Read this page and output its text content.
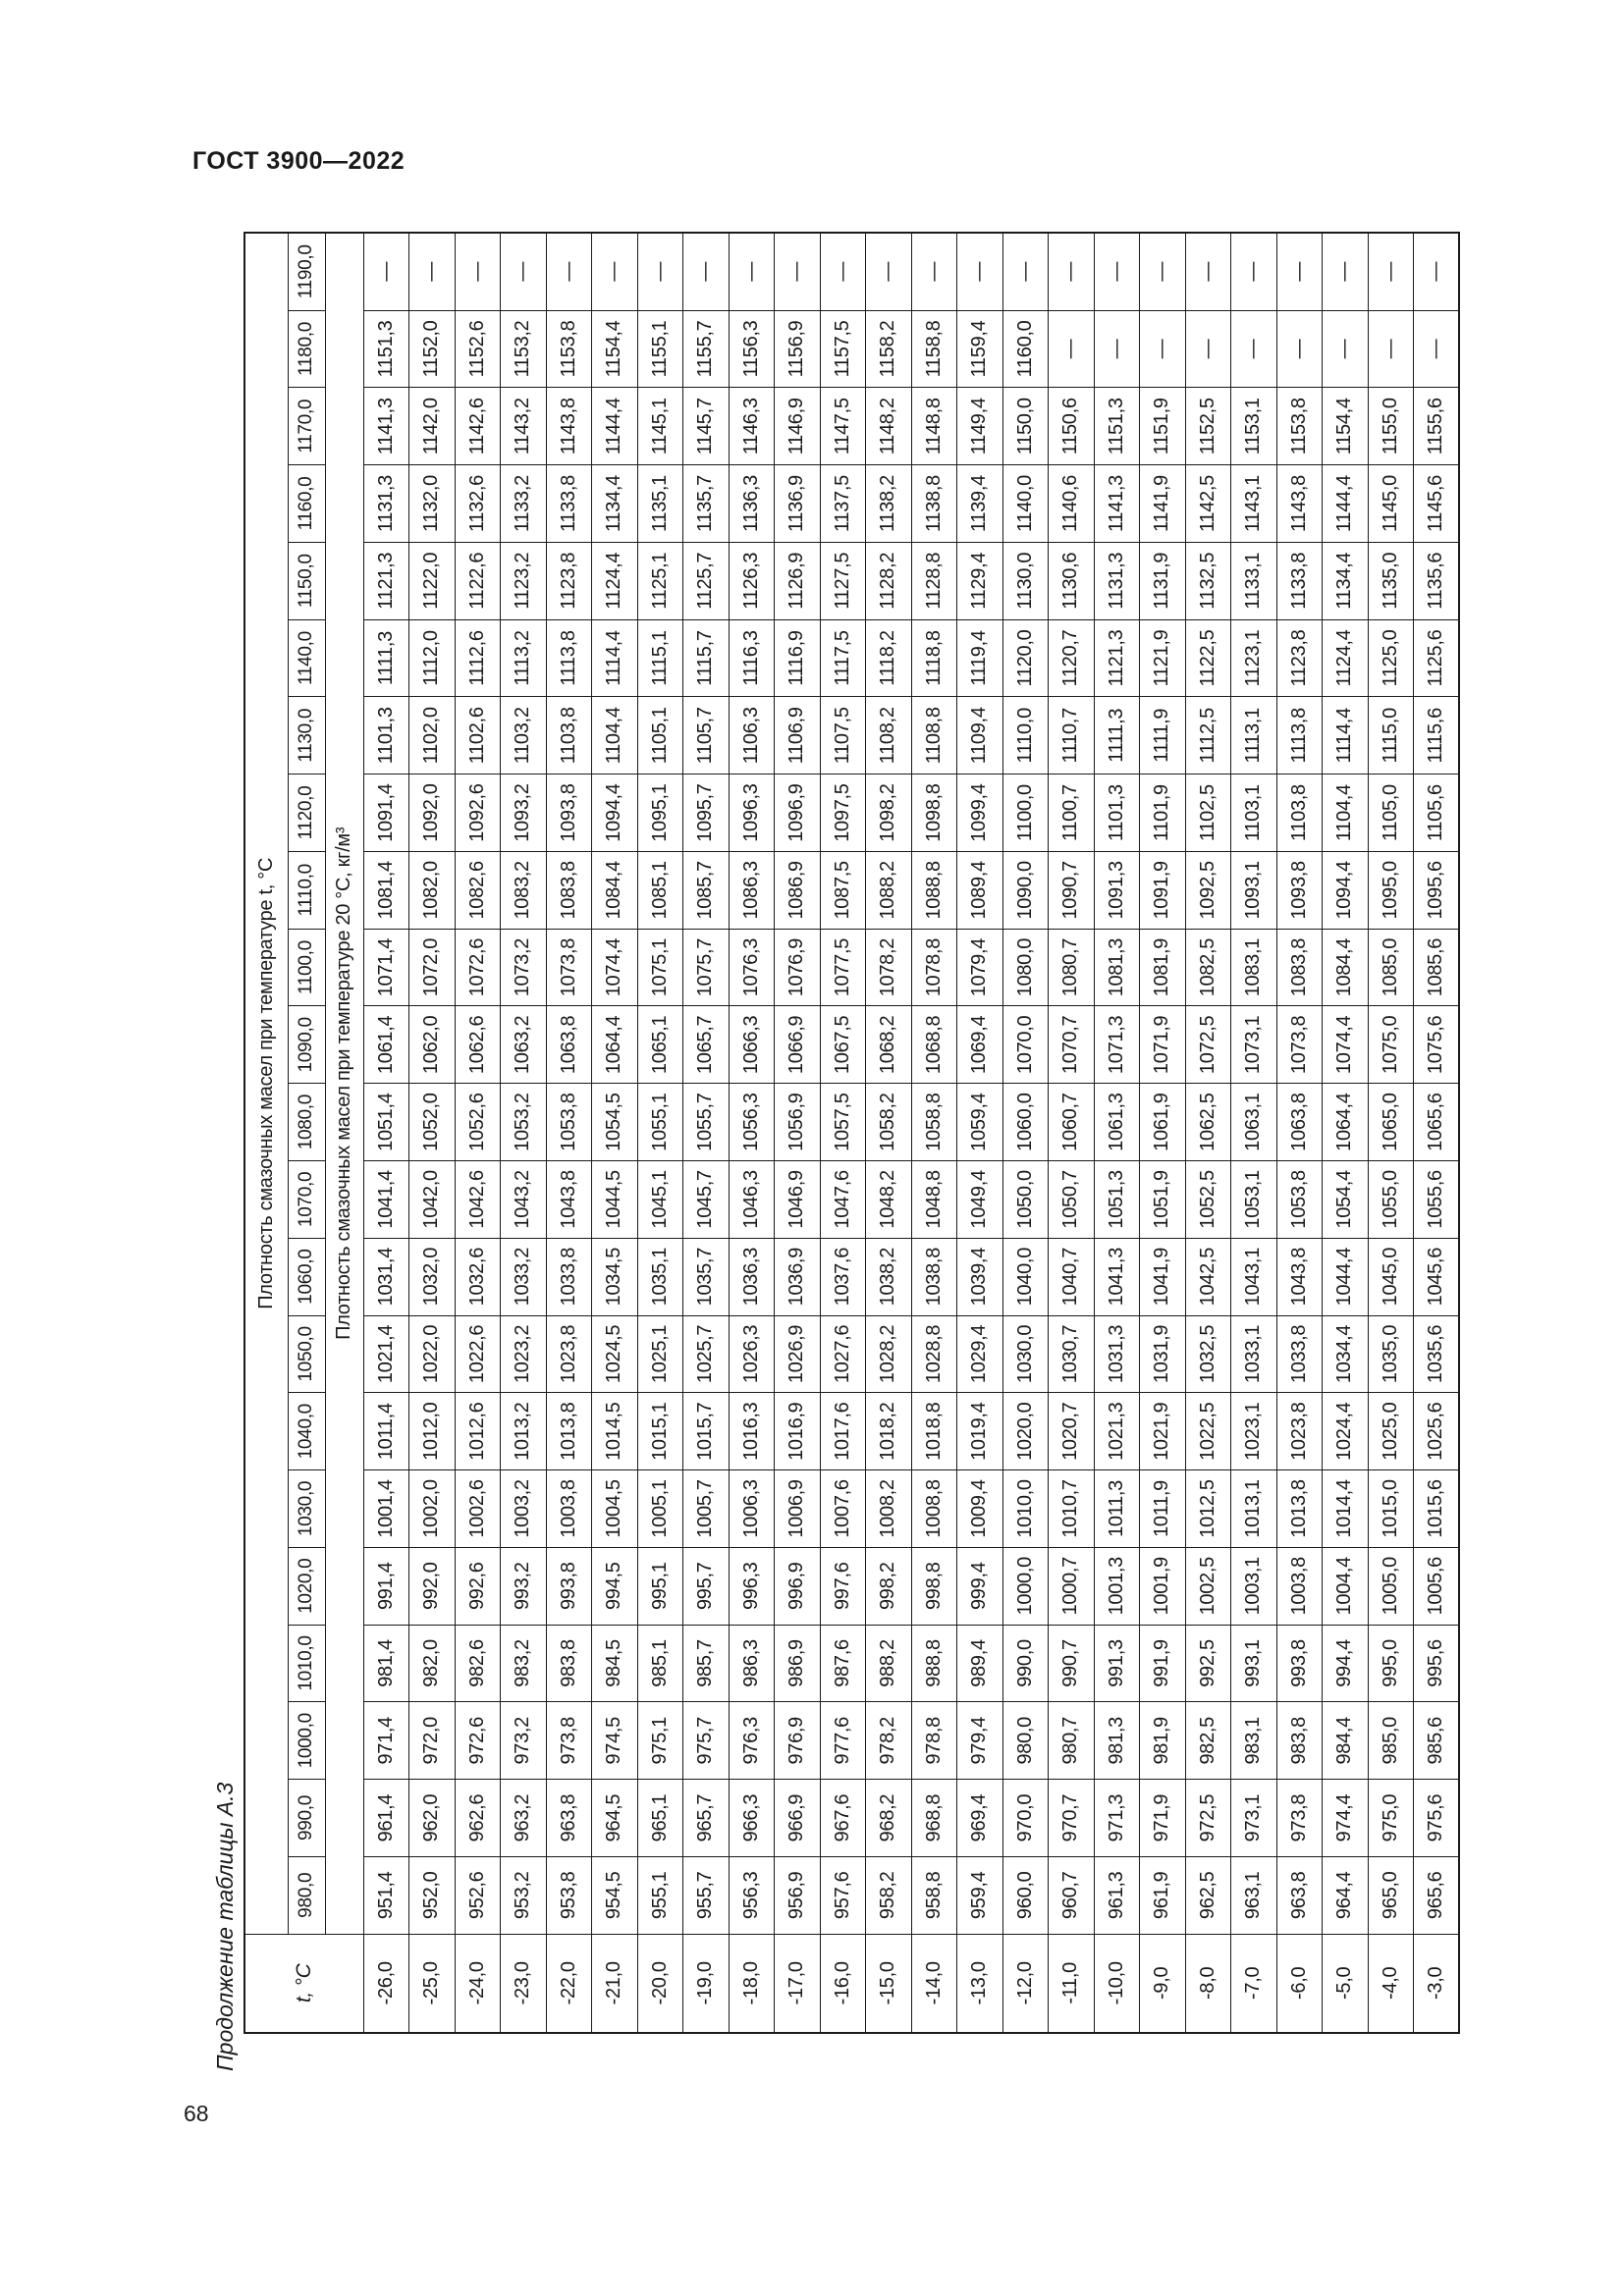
ГОСТ 3900—2022
Продолжение таблицы А.3
68
t, °C	Плотность смазочных масел при температуре t, °C																					
	980,0	990,0	1000,0	1010,0	1020,0	1030,0	1040,0	1050,0	1060,0	1070,0	1080,0	1090,0	1100,0	1110,0	1120,0	1130,0	1140,0	1150,0	1160,0	1170,0	1180,0	1190,0
	Плотность смазочных масел при температуре 20 °C, кг/м³																					
-26,0	951,4	961,4	971,4	981,4	991,4	1001,4	1011,4	1021,4	1031,4	1041,4	1051,4	1061,4	1071,4	1081,4	1091,4	1101,3	1111,3	1121,3	1131,3	1141,3	1151,3	—
-25,0	952,0	962,0	972,0	982,0	992,0	1002,0	1012,0	1022,0	1032,0	1042,0	1052,0	1062,0	1072,0	1082,0	1092,0	1102,0	1112,0	1122,0	1132,0	1142,0	1152,0	—
-24,0	952,6	962,6	972,6	982,6	992,6	1002,6	1012,6	1022,6	1032,6	1042,6	1052,6	1062,6	1072,6	1082,6	1092,6	1102,6	1112,6	1122,6	1132,6	1142,6	1152,6	—
-23,0	953,2	963,2	973,2	983,2	993,2	1003,2	1013,2	1023,2	1033,2	1043,2	1053,2	1063,2	1073,2	1083,2	1093,2	1103,2	1113,2	1123,2	1133,2	1143,2	1153,2	—
-22,0	953,8	963,8	973,8	983,8	993,8	1003,8	1013,8	1023,8	1033,8	1043,8	1053,8	1063,8	1073,8	1083,8	1093,8	1103,8	1113,8	1123,8	1133,8	1143,8	1153,8	—
-21,0	954,5	964,5	974,5	984,5	994,5	1004,5	1014,5	1024,5	1034,5	1044,5	1054,5	1064,4	1074,4	1084,4	1094,4	1104,4	1114,4	1124,4	1134,4	1144,4	1154,4	—
-20,0	955,1	965,1	975,1	985,1	995,1	1005,1	1015,1	1025,1	1035,1	1045,1	1055,1	1065,1	1075,1	1085,1	1095,1	1105,1	1115,1	1125,1	1135,1	1145,1	1155,1	—
-19,0	955,7	965,7	975,7	985,7	995,7	1005,7	1015,7	1025,7	1035,7	1045,7	1055,7	1065,7	1075,7	1085,7	1095,7	1105,7	1115,7	1125,7	1135,7	1145,7	1155,7	—
-18,0	956,3	966,3	976,3	986,3	996,3	1006,3	1016,3	1026,3	1036,3	1046,3	1056,3	1066,3	1076,3	1086,3	1096,3	1106,3	1116,3	1126,3	1136,3	1146,3	1156,3	—
-17,0	956,9	966,9	976,9	986,9	996,9	1006,9	1016,9	1026,9	1036,9	1046,9	1056,9	1066,9	1076,9	1086,9	1096,9	1106,9	1116,9	1126,9	1136,9	1146,9	1156,9	—
-16,0	957,6	967,6	977,6	987,6	997,6	1007,6	1017,6	1027,6	1037,6	1047,6	1057,5	1067,5	1077,5	1087,5	1097,5	1107,5	1117,5	1127,5	1137,5	1147,5	1157,5	—
-15,0	958,2	968,2	978,2	988,2	998,2	1008,2	1018,2	1028,2	1038,2	1048,2	1058,2	1068,2	1078,2	1088,2	1098,2	1108,2	1118,2	1128,2	1138,2	1148,2	1158,2	—
-14,0	958,8	968,8	978,8	988,8	998,8	1008,8	1018,8	1028,8	1038,8	1048,8	1058,8	1068,8	1078,8	1088,8	1098,8	1108,8	1118,8	1128,8	1138,8	1148,8	1158,8	—
-13,0	959,4	969,4	979,4	989,4	999,4	1009,4	1019,4	1029,4	1039,4	1049,4	1059,4	1069,4	1079,4	1089,4	1099,4	1109,4	1119,4	1129,4	1139,4	1149,4	1159,4	—
-12,0	960,0	970,0	980,0	990,0	1000,0	1010,0	1020,0	1030,0	1040,0	1050,0	1060,0	1070,0	1080,0	1090,0	1100,0	1110,0	1120,0	1130,0	1140,0	1150,0	1160,0	—
-11,0	960,7	970,7	980,7	990,7	1000,7	1010,7	1020,7	1030,7	1040,7	1050,7	1060,7	1070,7	1080,7	1090,7	1100,7	1110,7	1120,7	1130,6	1140,6	1150,6	—	—
-10,0	961,3	971,3	981,3	991,3	1001,3	1011,3	1021,3	1031,3	1041,3	1051,3	1061,3	1071,3	1081,3	1091,3	1101,3	1111,3	1121,3	1131,3	1141,3	1151,3	—	—
-9,0	961,9	971,9	981,9	991,9	1001,9	1011,9	1021,9	1031,9	1041,9	1051,9	1061,9	1071,9	1081,9	1091,9	1101,9	1111,9	1121,9	1131,9	1141,9	1151,9	—	—
-8,0	962,5	972,5	982,5	992,5	1002,5	1012,5	1022,5	1032,5	1042,5	1052,5	1062,5	1072,5	1082,5	1092,5	1102,5	1112,5	1122,5	1132,5	1142,5	1152,5	—	—
-7,0	963,1	973,1	983,1	993,1	1003,1	1013,1	1023,1	1033,1	1043,1	1053,1	1063,1	1073,1	1083,1	1093,1	1103,1	1113,1	1123,1	1133,1	1143,1	1153,1	—	—
-6,0	963,8	973,8	983,8	993,8	1003,8	1013,8	1023,8	1033,8	1043,8	1053,8	1063,8	1073,8	1083,8	1093,8	1103,8	1113,8	1123,8	1133,8	1143,8	1153,8	—	—
-5,0	964,4	974,4	984,4	994,4	1004,4	1014,4	1024,4	1034,4	1044,4	1054,4	1064,4	1074,4	1084,4	1094,4	1104,4	1114,4	1124,4	1134,4	1144,4	1154,4	—	—
-4,0	965,0	975,0	985,0	995,0	1005,0	1015,0	1025,0	1035,0	1045,0	1055,0	1065,0	1075,0	1085,0	1095,0	1105,0	1115,0	1125,0	1135,0	1145,0	1155,0	—	—
-3,0	965,6	975,6	985,6	995,6	1005,6	1015,6	1025,6	1035,6	1045,6	1055,6	1065,6	1075,6	1085,6	1095,6	1105,6	1115,6	1125,6	1135,6	1145,6	1155,6	—	—
